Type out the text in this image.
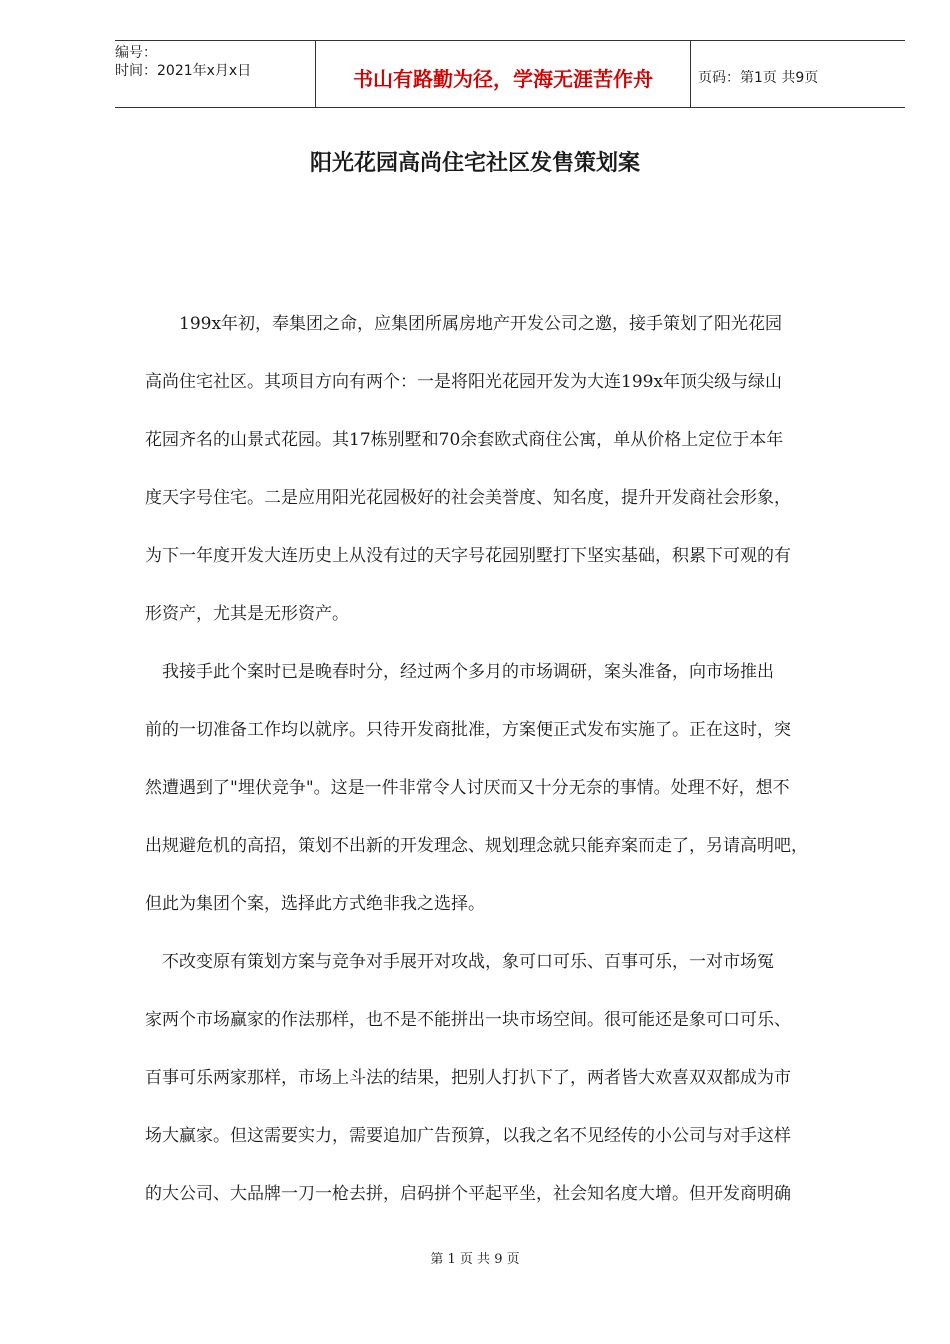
编号：
时间：2021年x月x日	书山有路勤为径，学海无涯苦作舟	页码：第1页 共9页
阳光花园高尚住宅社区发售策划案
　　199x年初，奉集团之命，应集团所属房地产开发公司之邀，接手策划了阳光花园
高尚住宅社区。其项目方向有两个：一是将阳光花园开发为大连199x年顶尖级与绿山
花园齐名的山景式花园。其17栋别墅和70余套欧式商住公寓，单从价格上定位于本年
度天字号住宅。二是应用阳光花园极好的社会美誉度、知名度，提升开发商社会形象，
为下一年度开发大连历史上从没有过的天字号花园别墅打下坚实基础，积累下可观的有
形资产，尤其是无形资产。
　我接手此个案时已是晚春时分，经过两个多月的市场调研，案头准备，向市场推出
前的一切准备工作均以就序。只待开发商批准，方案便正式发布实施了。正在这时，突
然遭遇到了"埋伏竞争"。这是一件非常令人讨厌而又十分无奈的事情。处理不好，想不
出规避危机的高招，策划不出新的开发理念、规划理念就只能弃案而走了，另请高明吧，
但此为集团个案，选择此方式绝非我之选择。
　不改变原有策划方案与竞争对手展开对攻战，象可口可乐、百事可乐，一对市场冤
家两个市场赢家的作法那样，也不是不能拼出一块市场空间。很可能还是象可口可乐、
百事可乐两家那样，市场上斗法的结果，把别人打扒下了，两者皆大欢喜双双都成为市
场大赢家。但这需要实力，需要追加广告预算，以我之名不见经传的小公司与对手这样
的大公司、大品牌一刀一枪去拼，启码拼个平起平坐，社会知名度大增。但开发商明确
第 1 页 共 9 页
